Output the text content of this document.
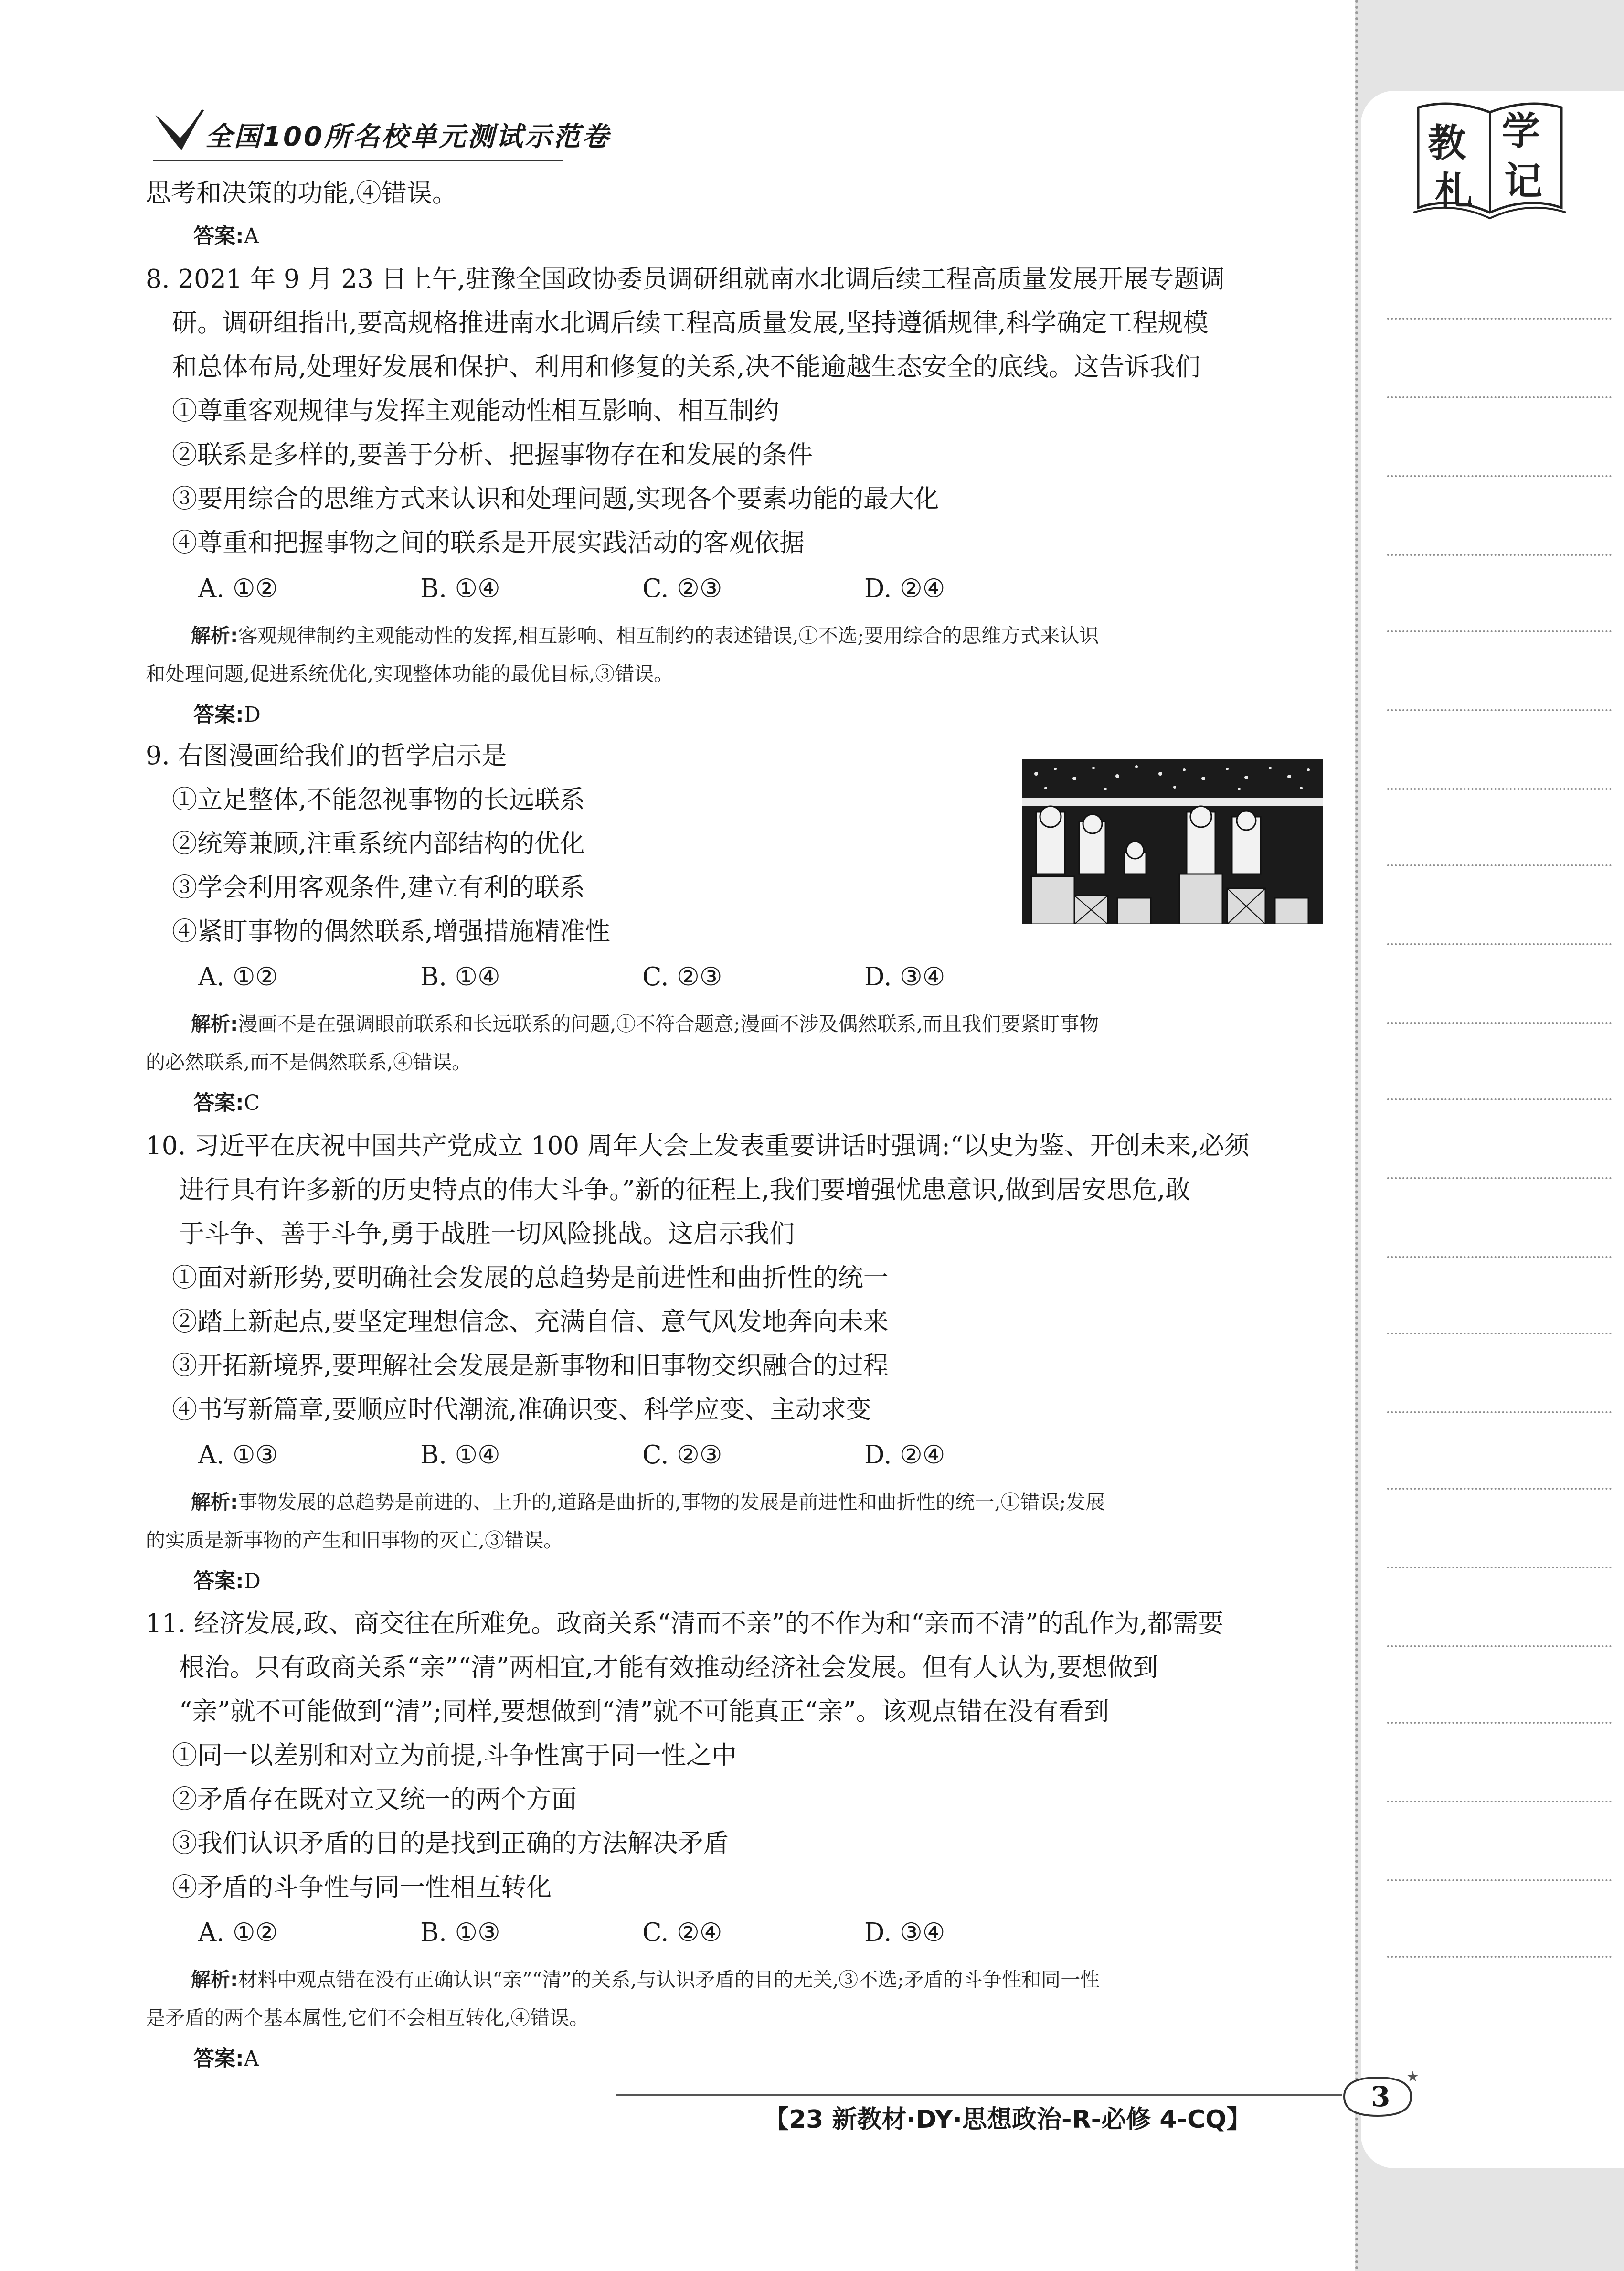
教 学
札 记
全国100所名校单元测试示范卷
思考和决策的功能,④错误。
答案:A
8. 2021 年 9 月 23 日上午,驻豫全国政协委员调研组就南水北调后续工程高质量发展开展专题调
研。调研组指出,要高规格推进南水北调后续工程高质量发展,坚持遵循规律,科学确定工程规模
和总体布局,处理好发展和保护、利用和修复的关系,决不能逾越生态安全的底线。这告诉我们
①尊重客观规律与发挥主观能动性相互影响、相互制约
②联系是多样的,要善于分析、把握事物存在和发展的条件
③要用综合的思维方式来认识和处理问题,实现各个要素功能的最大化
④尊重和把握事物之间的联系是开展实践活动的客观依据
A. ①②	B. ①④	C. ②③	D. ②④
解析:客观规律制约主观能动性的发挥,相互影响、相互制约的表述错误,①不选;要用综合的思维方式来认识
和处理问题,促进系统优化,实现整体功能的最优目标,③错误。
答案:D
9. 右图漫画给我们的哲学启示是
①立足整体,不能忽视事物的长远联系
②统筹兼顾,注重系统内部结构的优化
③学会利用客观条件,建立有利的联系
④紧盯事物的偶然联系,增强措施精准性
A. ①②	B. ①④	C. ②③	D. ③④
解析:漫画不是在强调眼前联系和长远联系的问题,①不符合题意;漫画不涉及偶然联系,而且我们要紧盯事物
的必然联系,而不是偶然联系,④错误。
答案:C
10. 习近平在庆祝中国共产党成立 100 周年大会上发表重要讲话时强调:“以史为鉴、开创未来,必须
进行具有许多新的历史特点的伟大斗争。”新的征程上,我们要增强忧患意识,做到居安思危,敢
于斗争、善于斗争,勇于战胜一切风险挑战。这启示我们
①面对新形势,要明确社会发展的总趋势是前进性和曲折性的统一
②踏上新起点,要坚定理想信念、充满自信、意气风发地奔向未来
③开拓新境界,要理解社会发展是新事物和旧事物交织融合的过程
④书写新篇章,要顺应时代潮流,准确识变、科学应变、主动求变
A. ①③	B. ①④	C. ②③	D. ②④
解析:事物发展的总趋势是前进的、上升的,道路是曲折的,事物的发展是前进性和曲折性的统一,①错误;发展
的实质是新事物的产生和旧事物的灭亡,③错误。
答案:D
11. 经济发展,政、商交往在所难免。政商关系“清而不亲”的不作为和“亲而不清”的乱作为,都需要
根治。只有政商关系“亲”“清”两相宜,才能有效推动经济社会发展。但有人认为,要想做到
“亲”就不可能做到“清”;同样,要想做到“清”就不可能真正“亲”。该观点错在没有看到
①同一以差别和对立为前提,斗争性寓于同一性之中
②矛盾存在既对立又统一的两个方面
③我们认识矛盾的目的是找到正确的方法解决矛盾
④矛盾的斗争性与同一性相互转化
A. ①②	B. ①③	C. ②④	D. ③④
解析:材料中观点错在没有正确认识“亲”“清”的关系,与认识矛盾的目的无关,③不选;矛盾的斗争性和同一性
是矛盾的两个基本属性,它们不会相互转化,④错误。
答案:A
【23 新教材·DY·思想政治-R-必修 4-CQ】
★
3
